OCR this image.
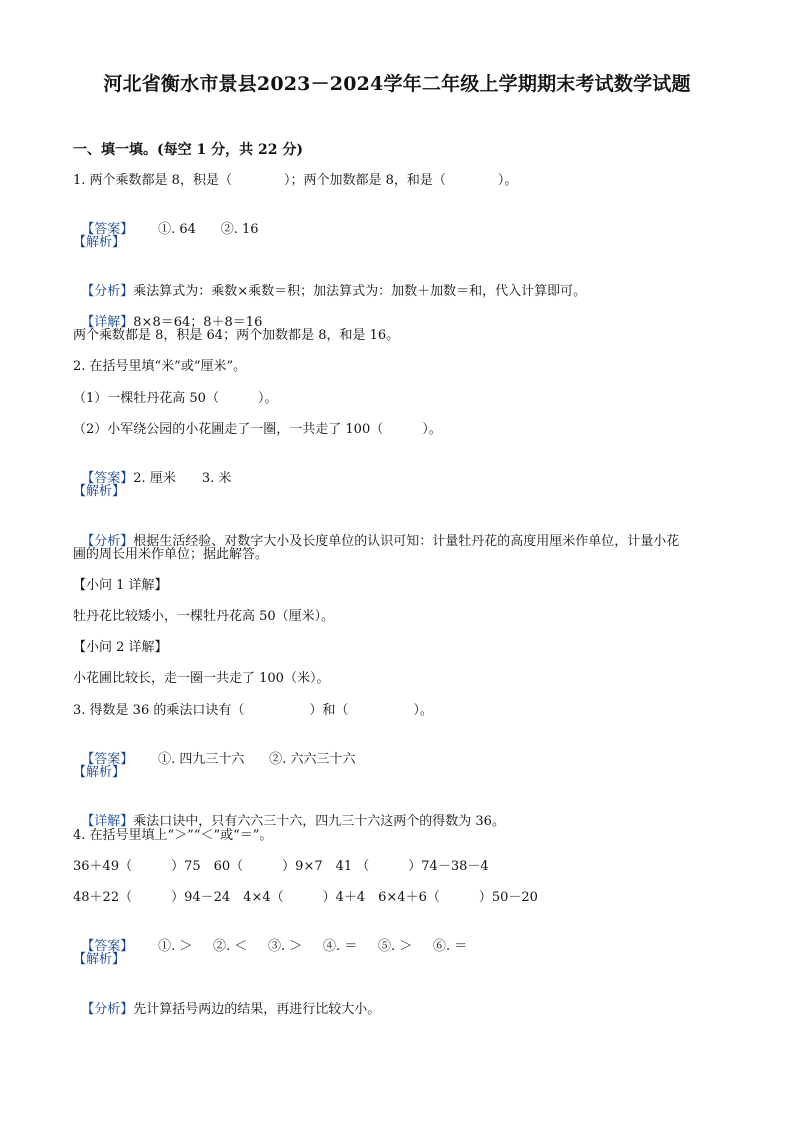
河北省衡水市景县2023－2024学年二年级上学期期末考试数学试题
一、填一填。(每空 1 分，共 22 分)
1. 两个乘数都是 8，积是（　　　　）；两个加数都是 8，和是（　　　　）。

【答案】 ①. 64 ②. 16

【解析】

【分析】乘法算式为：乘数×乘数＝积；加法算式为：加数＋加数＝和，代入计算即可。

【详解】8×8＝64；8＋8＝16

两个乘数都是 8，积是 64；两个加数都是 8，和是 16。
2. 在括号里填“米”或“厘米”。
（1）一棵牡丹花高 50（　　　）。
（2）小军绕公园的小花圃走了一圈，一共走了 100（　　　）。

【答案】2. 厘米　　3. 米

【解析】

【分析】根据生活经验、对数字大小及长度单位的认识可知：计量牡丹花的高度用厘米作单位，计量小花

圃的周长用米作单位；据此解答。
【小问 1 详解】
牡丹花比较矮小，一棵牡丹花高 50（厘米）。
【小问 2 详解】
小花圃比较长，走一圈一共走了 100（米）。
3. 得数是 36 的乘法口诀有（　　　　　）和（　　　　　）。

【答案】 ①. 四九三十六 ②. 六六三十六

【解析】

【详解】乘法口诀中，只有六六三十六，四九三十六这两个的得数为 36。

4. 在括号里填上“＞”“＜”或“＝”。
36＋49（　　　）75　60（　　　）9×7　41 （　　　）74－38－4
48＋22（　　　）94－24　4×4（　　　）4＋4　6×4＋6（　　　）50－20

【答案】 ①. ＞ ②. ＜ ③. ＞ ④. ＝ ⑤. ＞ ⑥. ＝

【解析】

【分析】先计算括号两边的结果，再进行比较大小。
